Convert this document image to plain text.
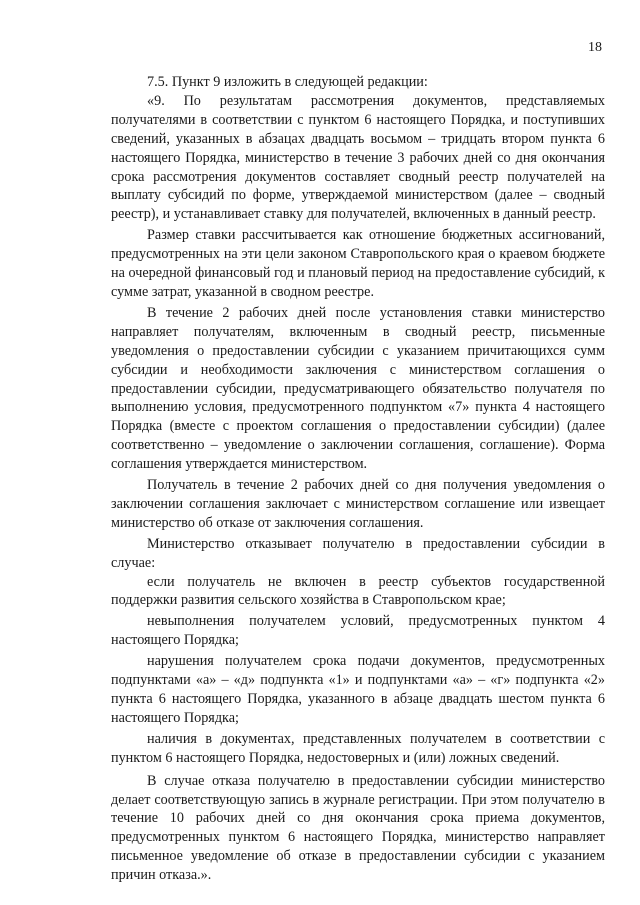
18

7.5. Пункт 9 изложить в следующей редакции:

«9. По результатам рассмотрения документов, представляемых получателями в соответствии с пунктом 6 настоящего Порядка, и поступивших сведений, указанных в абзацах двадцать восьмом – тридцать втором пункта 6 настоящего Порядка, министерство в течение 3 рабочих дней со дня окончания срока рассмотрения документов составляет сводный реестр получателей на выплату субсидий по форме, утверждаемой министерством (далее – сводный реестр), и устанавливает ставку для получателей, включенных в данный реестр.

Размер ставки рассчитывается как отношение бюджетных ассигнований, предусмотренных на эти цели законом Ставропольского края о краевом бюджете на очередной финансовый год и плановый период на предоставление субсидий, к сумме затрат, указанной в сводном реестре.

В течение 2 рабочих дней после установления ставки министерство направляет получателям, включенным в сводный реестр, письменные уведомления о предоставлении субсидии с указанием причитающихся сумм субсидии и необходимости заключения с министерством соглашения о предоставлении субсидии, предусматривающего обязательство получателя по выполнению условия, предусмотренного подпунктом «7» пункта 4 настоящего Порядка (вместе с проектом соглашения о предоставлении субсидии) (далее соответственно – уведомление о заключении соглашения, соглашение). Форма соглашения утверждается министерством.

Получатель в течение 2 рабочих дней со дня получения уведомления о заключении соглашения заключает с министерством соглашение или извещает министерство об отказе от заключения соглашения.

Министерство отказывает получателю в предоставлении субсидии в случае:

если получатель не включен в реестр субъектов государственной поддержки развития сельского хозяйства в Ставропольском крае;

невыполнения получателем условий, предусмотренных пунктом 4 настоящего Порядка;

нарушения получателем срока подачи документов, предусмотренных подпунктами «а» – «д» подпункта «1» и подпунктами «а» – «г» подпункта «2» пункта 6 настоящего Порядка, указанного в абзаце двадцать шестом пункта 6 настоящего Порядка;

наличия в документах, представленных получателем в соответствии с пунктом 6 настоящего Порядка, недостоверных и (или) ложных сведений.

В случае отказа получателю в предоставлении субсидии министерство делает соответствующую запись в журнале регистрации. При этом получателю в течение 10 рабочих дней со дня окончания срока приема документов, предусмотренных пунктом 6 настоящего Порядка, министерство направляет письменное уведомление об отказе в предоставлении субсидии с указанием причин отказа.».
